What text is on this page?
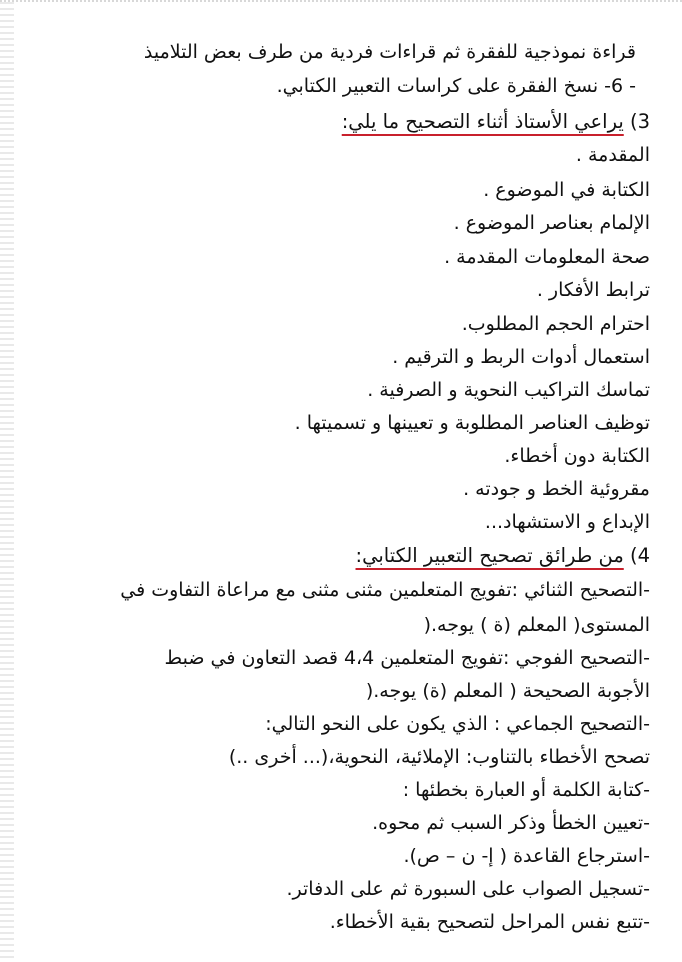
قراءة نموذجية للفقرة ثم قراءات فردية من طرف بعض التلاميذ
- 6- نسخ الفقرة على كراسات التعبير الكتابي.
3) يراعي الأستاذ أثناء التصحيح ما يلي:
المقدمة .
الكتابة في الموضوع .
الإلمام بعناصر الموضوع .
صحة المعلومات المقدمة .
ترابط الأفكار .
احترام الحجم المطلوب.
استعمال أدوات الربط و الترقيم .
تماسك التراكيب النحوية و الصرفية .
توظيف العناصر المطلوبة و تعيينها و تسميتها .
الكتابة دون أخطاء.
مقروئية الخط و جودته .
الإبداع و الاستشهاد...
4) من طرائق تصحيح التعبير الكتابي:
-التصحيح الثنائي :تفويج المتعلمين مثنى مثنى مع مراعاة التفاوت في
المستوى( المعلم (ة ) يوجه.(
-التصحيح الفوجي :تفويج المتعلمين 4،4 قصد التعاون في ضبط
الأجوبة الصحيحة ( المعلم (ة) يوجه.(
-التصحيح الجماعي : الذي يكون على النحو التالي:
تصحح الأخطاء بالتناوب: الإملائية، النحوية،(... أخرى ..)
-كتابة الكلمة أو العبارة بخطئها :
-تعيين الخطأ وذكر السبب ثم محوه.
-استرجاع القاعدة ( إ- ن – ص).
-تسجيل الصواب على السبورة ثم على الدفاتر.
-تتبع نفس المراحل لتصحيح بقية الأخطاء.
